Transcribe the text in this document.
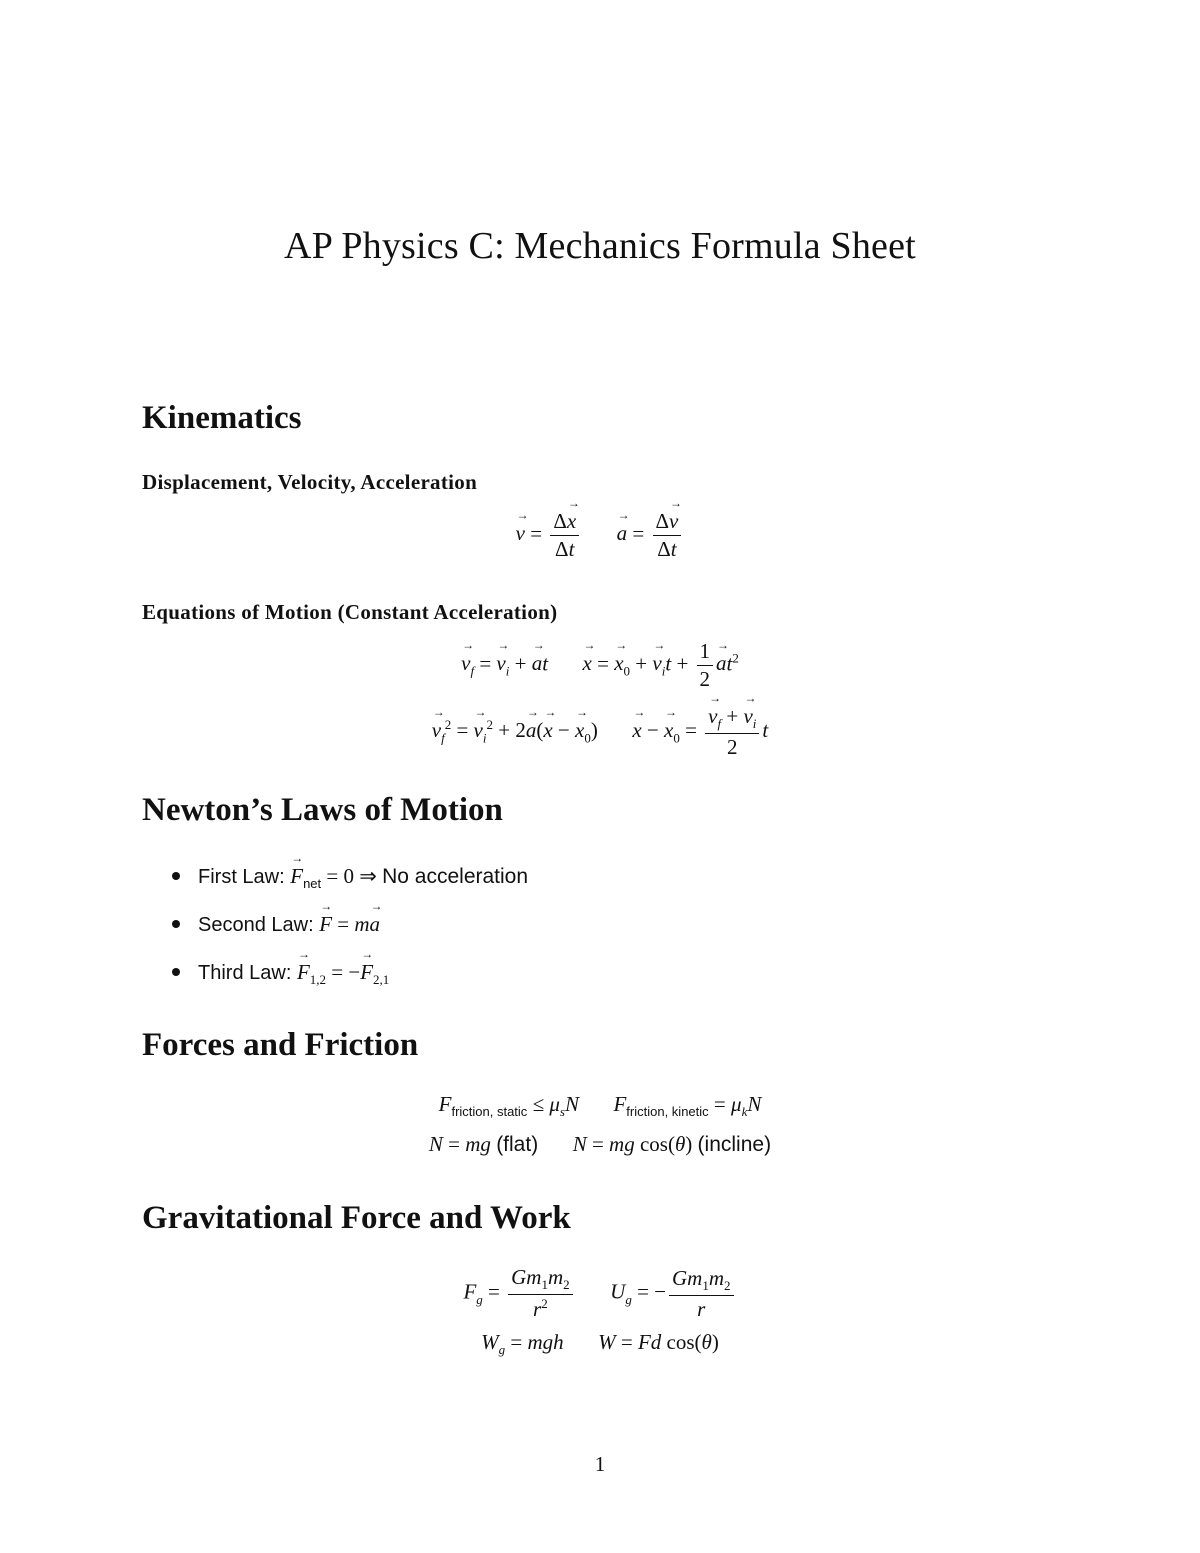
AP Physics C: Mechanics Formula Sheet
Kinematics
Displacement, Velocity, Acceleration
→ $v = \frac{\Delta\to x}{\Delta t}$
→ $a = \frac{\Delta\to v}{\Delta t}$
Equations of Motion (Constant Acceleration)
→ $v_f$ = → $v_i$ + → at  → x = → $x_0$ + → $v_it + \frac{1}{2}$
→ $at^2$
→ $v_f^2$ = → $v_i^2 + 2\to a(\to x$ − → $x_0) \to x$ − → $x_0$ =
→ $\frac{v_f + \to v_i}{2}$ t
Newton’s Laws of Motion
First Law: → $F_{net} = 0$ ⇒ No acceleration
Second Law: → F = m→ a
Third Law: → $F_{1,2}$ = −→ $F_{2,1}$
Forces and Friction
$F_{friction, static} \le \mu_sN$ $F_{friction, kinetic} = \mu_kN$
N = mg (flat) N = mg cos(θ) (incline)
Gravitational Force and Work
$F_g = \frac{Gm_1m_2}{r^2} U_g$ = − $\frac{Gm_1m_2}{r}$
$W_g$ = mgh W = Fd cos(θ)
1
